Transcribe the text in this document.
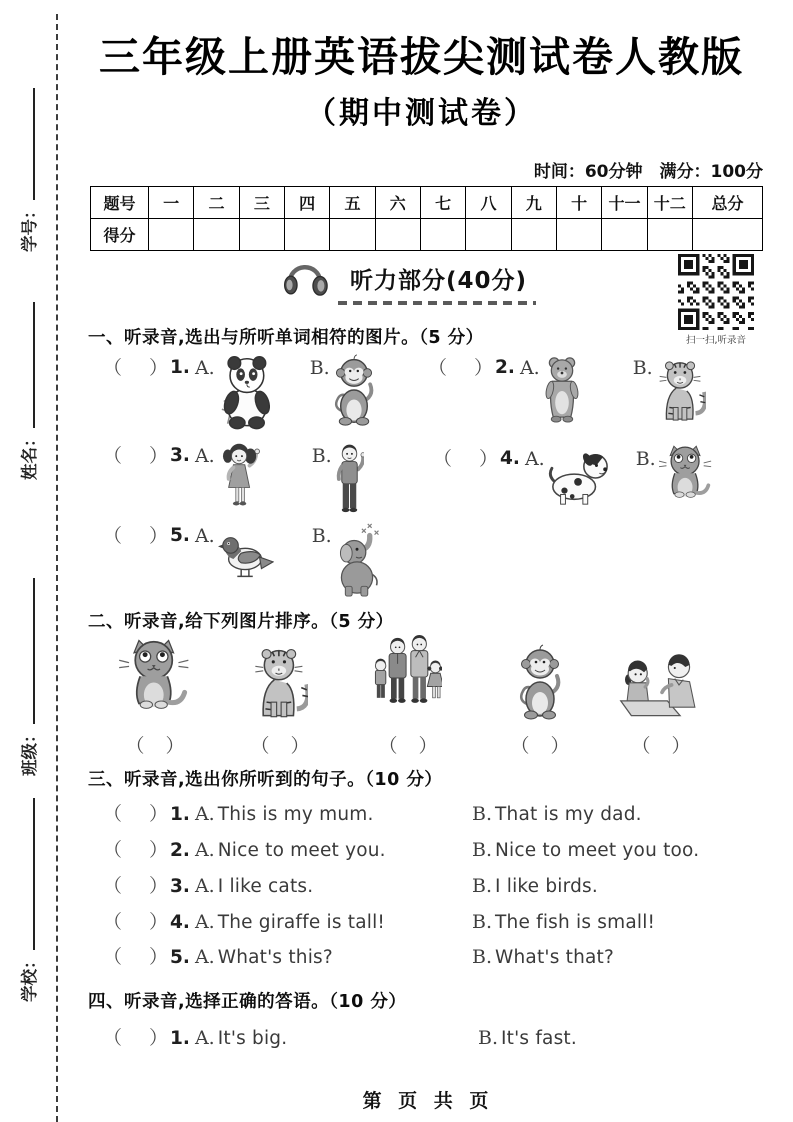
学号：
姓名：
班级：
学校：
三年级上册英语拔尖测试卷人教版
（期中测试卷）
时间：60分钟　满分：100分
题号	一	二	三	四	五	六	七	八	九	十	十一	十二	总分
得分													
听力部分(40分)
扫一扫,听录音
一、听录音,选出与所听单词相符的图片。（5 分）
（ ） 1. A.	B.	（ ） 2. A.	B.
（ ） 3. A.	B.	（ ） 4. A.	B.
（ ） 5. A.	B.
二、听录音,给下列图片排序。（5 分）
（ ）	（ ）	（ ）	（ ）	（ ）
三、听录音,选出你所听到的句子。（10 分）
（ ） 1. A. This is my mum.	B. That is my dad.
（ ） 2. A. Nice to meet you.	B. Nice to meet you too.
（ ） 3. A. I like cats.	B. I like birds.
（ ） 4. A. The giraffe is tall!	B. The fish is small!
（ ） 5. A. What's this?	B. What's that?
四、听录音,选择正确的答语。（10 分）
（ ） 1. A. It's big.	B. It's fast.
第 页 共 页
